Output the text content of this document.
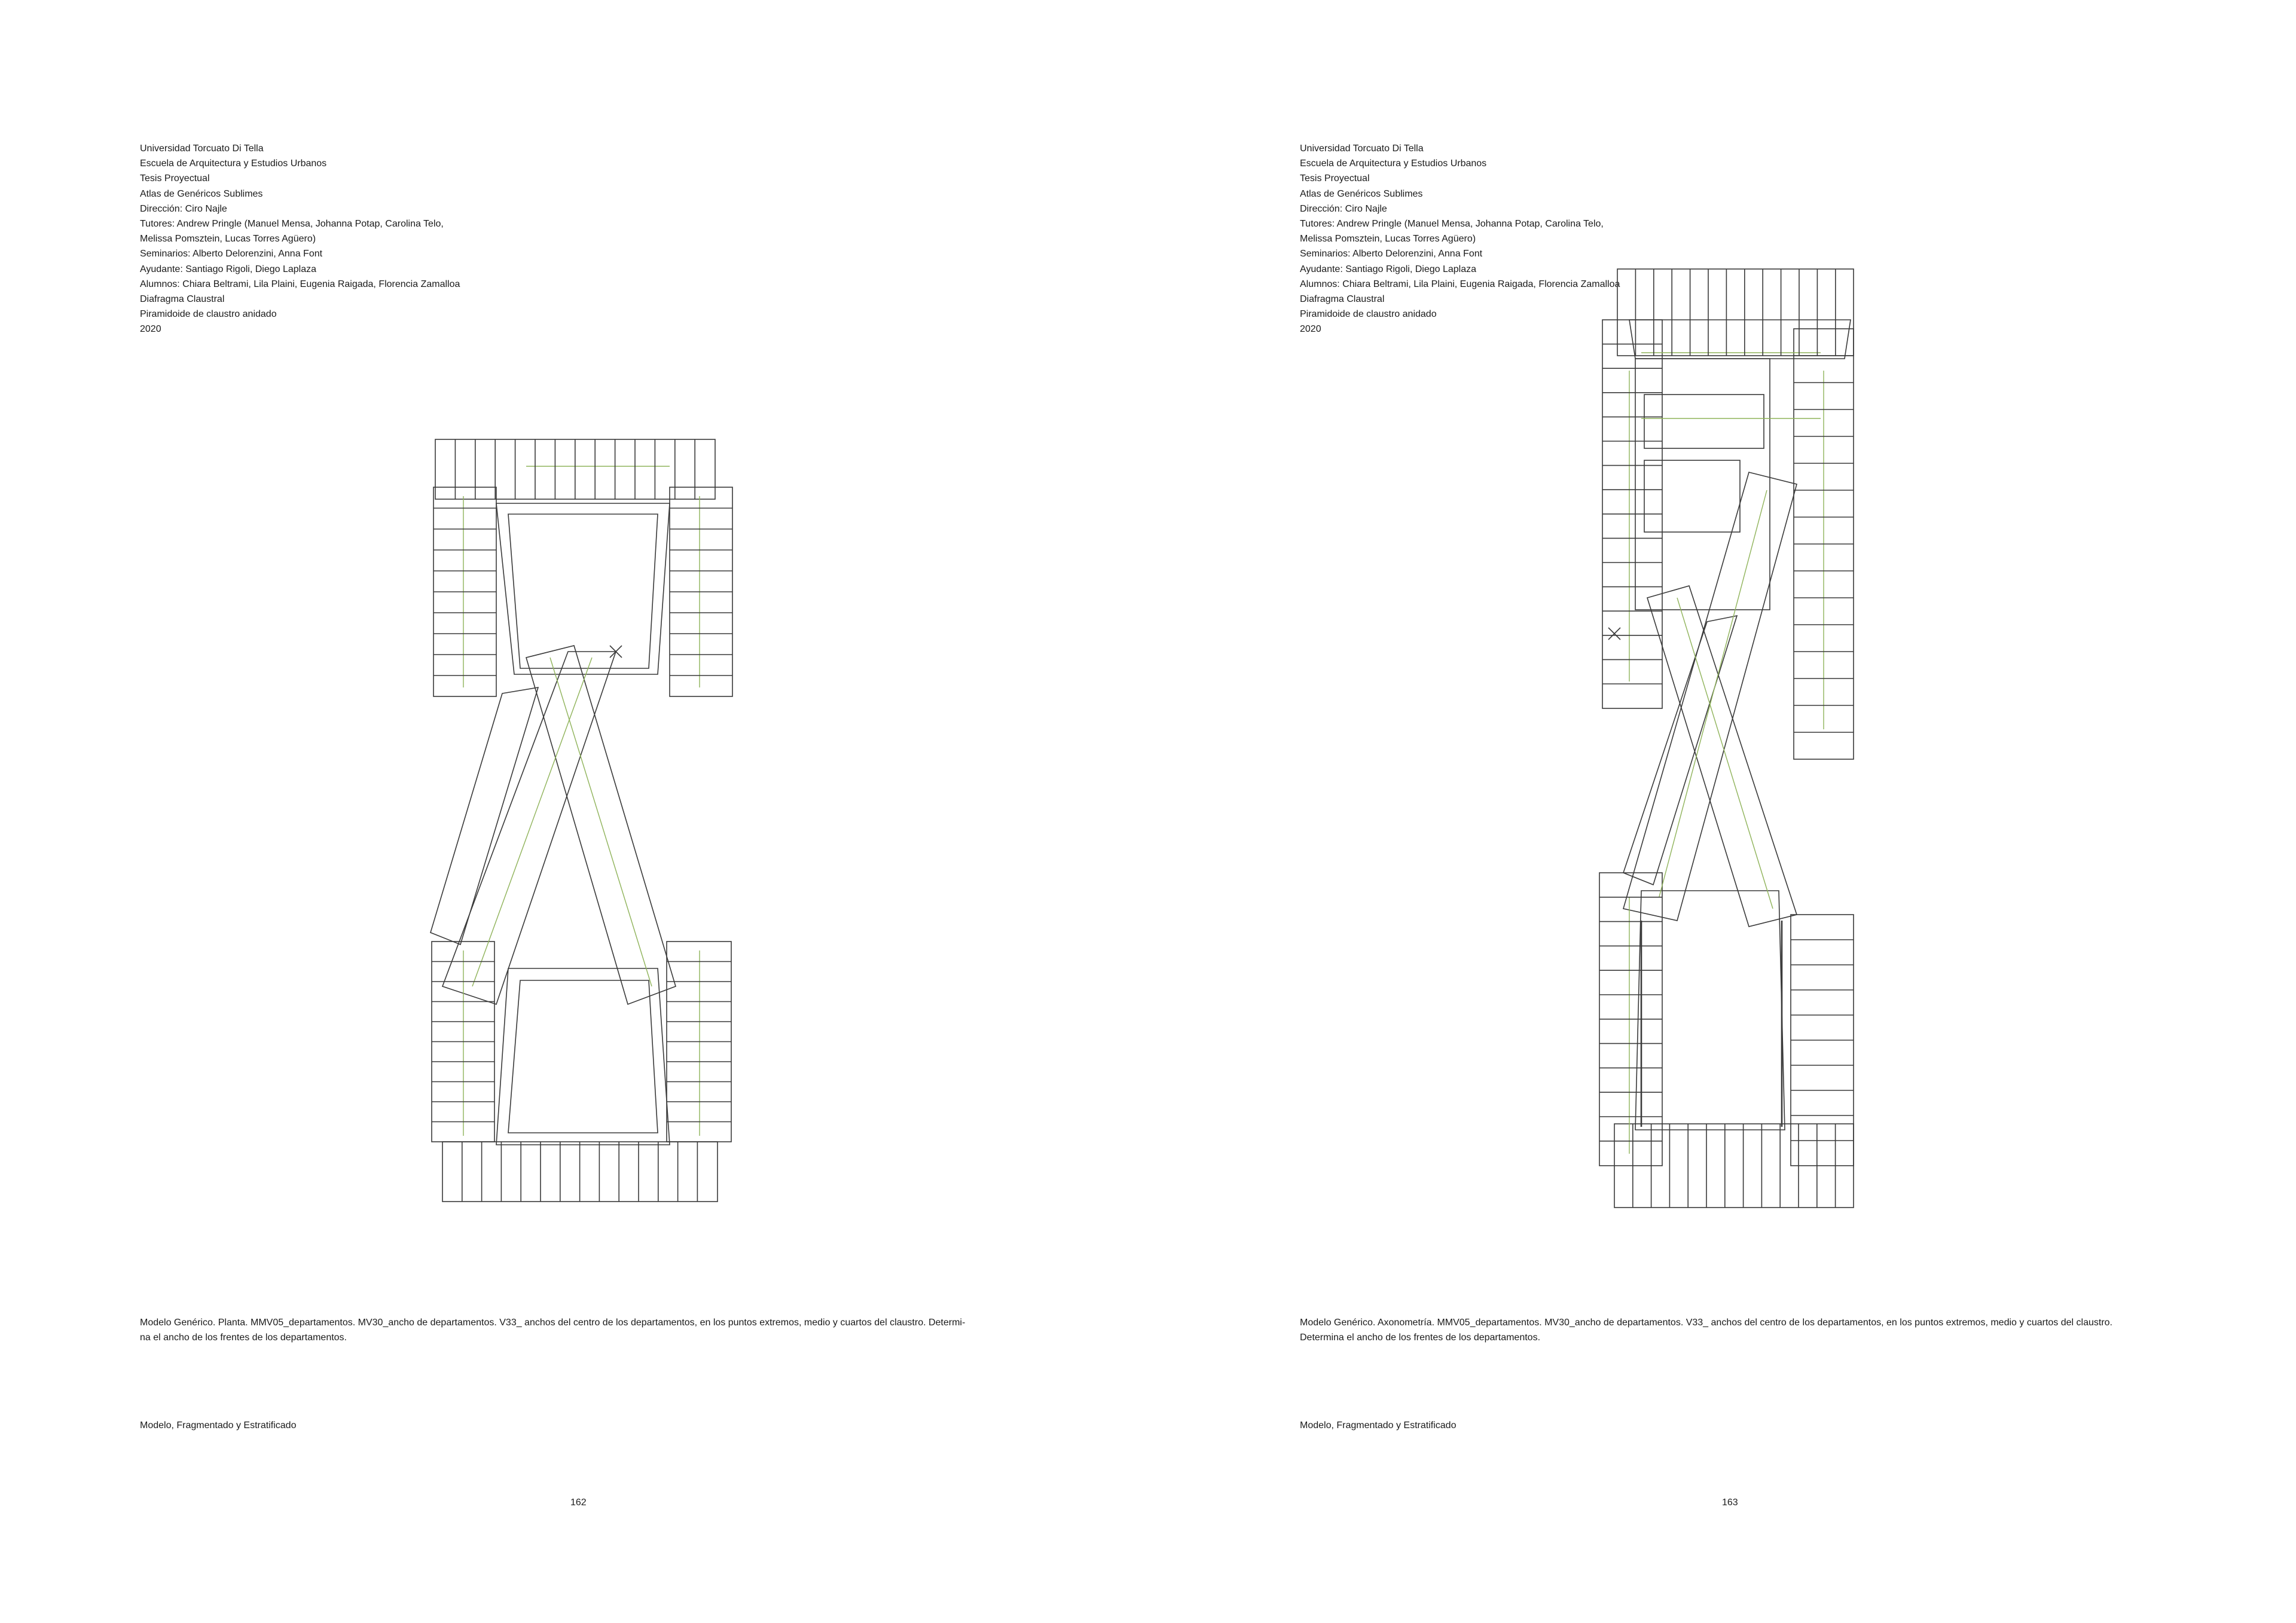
Universidad Torcuato Di Tella
Escuela de Arquitectura y Estudios Urbanos
Tesis Proyectual
Atlas de Genéricos Sublimes
Dirección: Ciro Najle
Tutores: Andrew Pringle (Manuel Mensa, Johanna Potap, Carolina Telo,
Melissa Pomsztein, Lucas Torres Agüero)
Seminarios: Alberto Delorenzini, Anna Font
Ayudante: Santiago Rigoli, Diego Laplaza
Alumnos: Chiara Beltrami, Lila Plaini, Eugenia Raigada, Florencia Zamalloa
Diafragma Claustral
Piramidoide de claustro anidado
2020
Modelo Genérico. Planta. MMV05_departamentos. MV30_ancho de departamentos. V33_ anchos del centro de los departamentos, en los puntos extremos, medio y cuartos del claustro. Determi-
na el ancho de los frentes de los departamentos.
Modelo, Fragmentado y Estratificado
162
Universidad Torcuato Di Tella
Escuela de Arquitectura y Estudios Urbanos
Tesis Proyectual
Atlas de Genéricos Sublimes
Dirección: Ciro Najle
Tutores: Andrew Pringle (Manuel Mensa, Johanna Potap, Carolina Telo,
Melissa Pomsztein, Lucas Torres Agüero)
Seminarios: Alberto Delorenzini, Anna Font
Ayudante: Santiago Rigoli, Diego Laplaza
Alumnos: Chiara Beltrami, Lila Plaini, Eugenia Raigada, Florencia Zamalloa
Diafragma Claustral
Piramidoide de claustro anidado
2020
Modelo Genérico. Axonometría. MMV05_departamentos. MV30_ancho de departamentos. V33_ anchos del centro de los departamentos, en los puntos extremos, medio y cuartos del claustro.
Determina el ancho de los frentes de los departamentos.
Modelo, Fragmentado y Estratificado
163
